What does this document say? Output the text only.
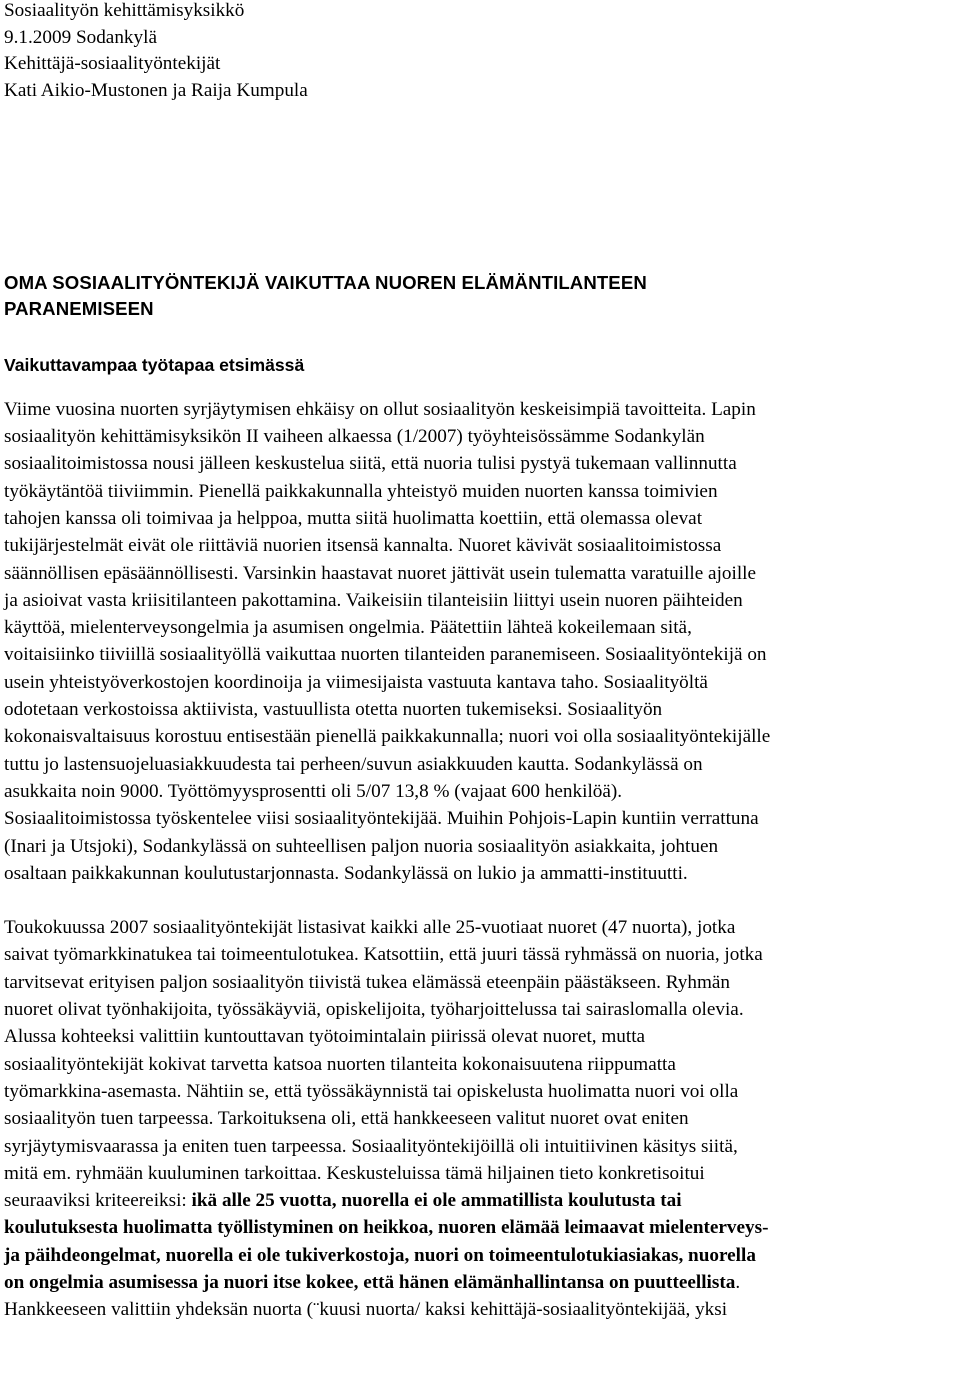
Sosiaalityön kehittämisyksikkö
9.1.2009 Sodankylä
Kehittäjä-sosiaalityöntekijät
Kati Aikio-Mustonen ja Raija Kumpula
OMA SOSIAALITYÖNTEKIJÄ VAIKUTTAA NUOREN ELÄMÄNTILANTEEN
PARANEMISEEN
Vaikuttavampaa työtapaa etsimässä

Viime vuosina nuorten syrjäytymisen ehkäisy on ollut sosiaalityön keskeisimpiä tavoitteita. Lapin
sosiaalityön kehittämisyksikön II vaiheen alkaessa (1/2007) työyhteisössämme Sodankylän
sosiaalitoimistossa nousi jälleen keskustelua siitä, että nuoria tulisi pystyä tukemaan vallinnutta
työkäytäntöä tiiviimmin. Pienellä paikkakunnalla yhteistyö muiden nuorten kanssa toimivien
tahojen kanssa oli toimivaa ja helppoa, mutta siitä huolimatta koettiin, että olemassa olevat
tukijärjestelmät eivät ole riittäviä nuorien itsensä kannalta. Nuoret kävivät sosiaalitoimistossa
säännöllisen epäsäännöllisesti. Varsinkin haastavat nuoret jättivät usein tulematta varatuille ajoille
ja asioivat vasta kriisitilanteen pakottamina. Vaikeisiin tilanteisiin liittyi usein nuoren päihteiden
käyttöä, mielenterveysongelmia ja asumisen ongelmia. Päätettiin lähteä kokeilemaan sitä,
voitaisiinko tiiviillä sosiaalityöllä vaikuttaa nuorten tilanteiden paranemiseen. Sosiaalityöntekijä on
usein yhteistyöverkostojen koordinoija ja viimesijaista vastuuta kantava taho. Sosiaalityöltä
odotetaan verkostoissa aktiivista, vastuullista otetta nuorten tukemiseksi. Sosiaalityön
kokonaisvaltaisuus korostuu entisestään pienellä paikkakunnalla; nuori voi olla sosiaalityöntekijälle
tuttu jo lastensuojeluasiakkuudesta tai perheen/suvun asiakkuuden kautta. Sodankylässä on
asukkaita noin 9000. Työttömyysprosentti oli 5/07 13,8 % (vajaat 600 henkilöä).
Sosiaalitoimistossa työskentelee viisi sosiaalityöntekijää. Muihin Pohjois-Lapin kuntiin verrattuna
(Inari ja Utsjoki), Sodankylässä on suhteellisen paljon nuoria sosiaalityön asiakkaita, johtuen
osaltaan paikkakunnan koulutustarjonnasta. Sodankylässä on lukio ja ammatti-instituutti.

Toukokuussa 2007 sosiaalityöntekijät listasivat kaikki alle 25-vuotiaat nuoret (47 nuorta), jotka
saivat työmarkkinatukea tai toimeentulotukea. Katsottiin, että juuri tässä ryhmässä on nuoria, jotka
tarvitsevat erityisen paljon sosiaalityön tiivistä tukea elämässä eteenpäin päästäkseen. Ryhmän
nuoret olivat työnhakijoita, työssäkäyviä, opiskelijoita, työharjoittelussa tai sairaslomalla olevia.
Alussa kohteeksi valittiin kuntouttavan työtoimintalain piirissä olevat nuoret, mutta
sosiaalityöntekijät kokivat tarvetta katsoa nuorten tilanteita kokonaisuutena riippumatta
työmarkkina-asemasta. Nähtiin se, että työssäkäynnistä tai opiskelusta huolimatta nuori voi olla
sosiaalityön tuen tarpeessa. Tarkoituksena oli, että hankkeeseen valitut nuoret ovat eniten
syrjäytymisvaarassa ja eniten tuen tarpeessa. Sosiaalityöntekijöillä oli intuitiivinen käsitys siitä,
mitä em. ryhmään kuuluminen tarkoittaa. Keskusteluissa tämä hiljainen tieto konkretisoitui
seuraaviksi kriteereiksi: ikä alle 25 vuotta, nuorella ei ole ammatillista koulutusta tai
koulutuksesta huolimatta työllistyminen on heikkoa, nuoren elämää leimaavat mielenterveys-
ja päihdeongelmat, nuorella ei ole tukiverkostoja, nuori on toimeentulotukiasiakas, nuorella
on ongelmia asumisessa ja nuori itse kokee, että hänen elämänhallintansa on puutteellista.
Hankkeeseen valittiin yhdeksän nuorta (¨kuusi nuorta/ kaksi kehittäjä-sosiaalityöntekijää, yksi
